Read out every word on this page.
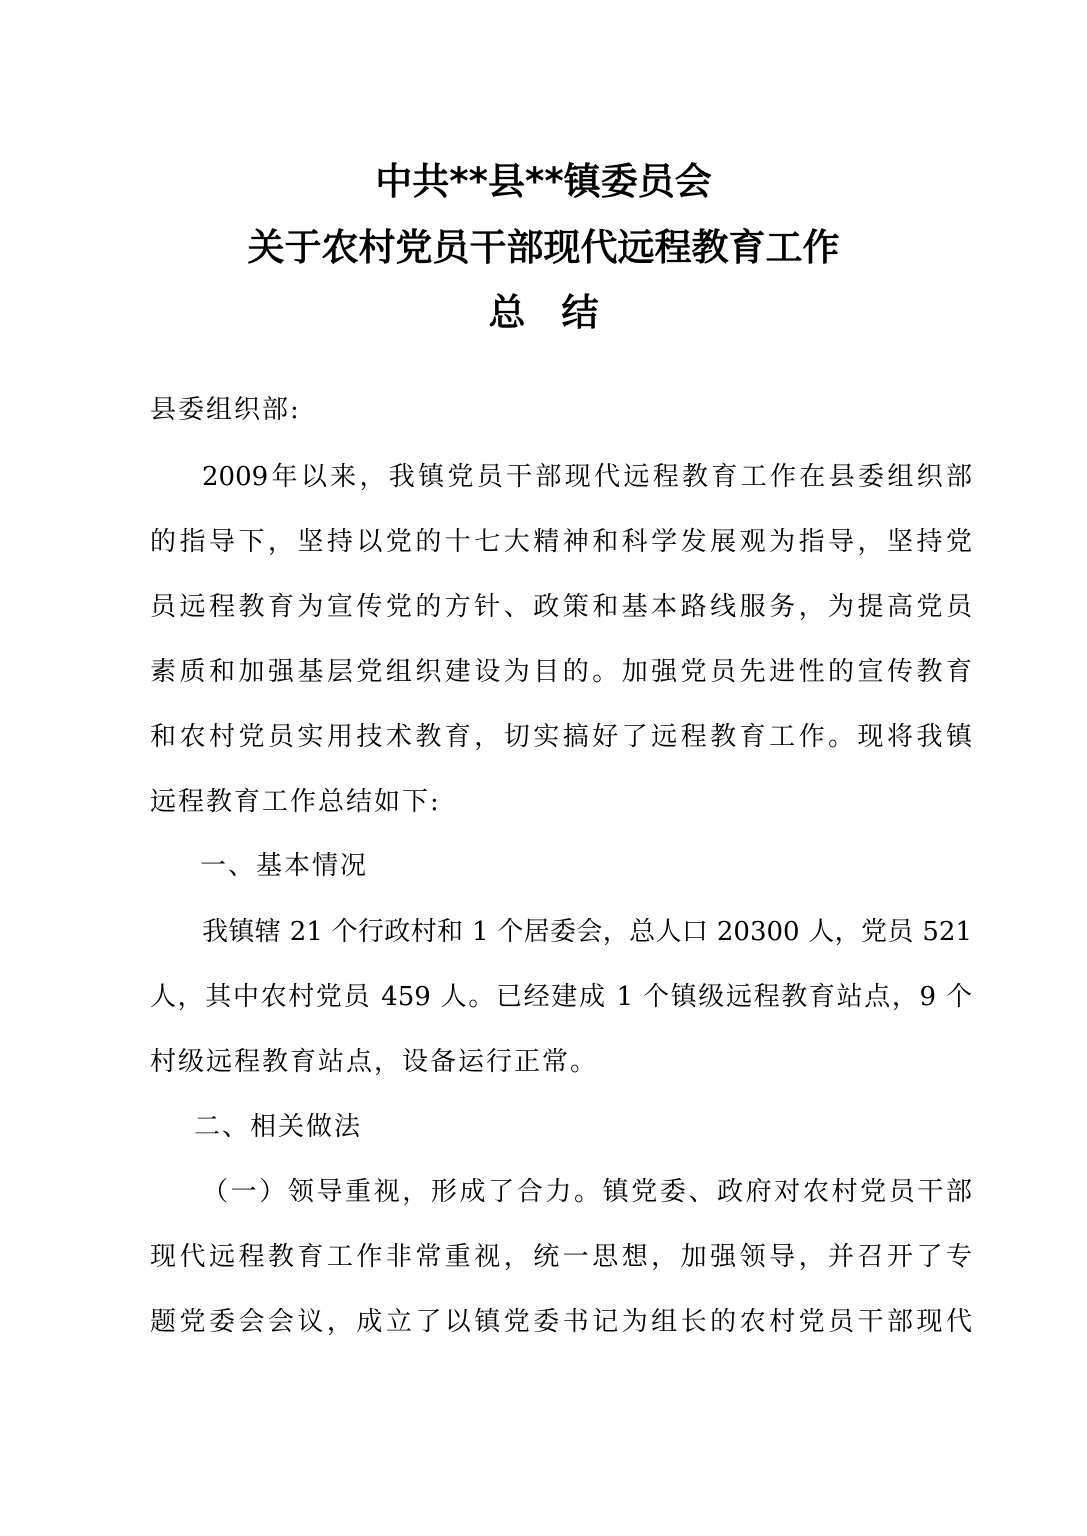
中共**县**镇委员会
关于农村党员干部现代远程教育工作
总结
县委组织部:
2009年以来，我镇党员干部现代远程教育工作在县委组织部
的指导下，坚持以党的十七大精神和科学发展观为指导，坚持党
员远程教育为宣传党的方针、政策和基本路线服务，为提高党员
素质和加强基层党组织建设为目的。加强党员先进性的宣传教育
和农村党员实用技术教育，切实搞好了远程教育工作。现将我镇
远程教育工作总结如下:
一、基本情况
我镇辖 21 个行政村和 1 个居委会，总人口 20300 人，党员 521
人，其中农村党员 459 人。已经建成 1 个镇级远程教育站点，9 个
村级远程教育站点，设备运行正常。
二、相关做法
（一）领导重视，形成了合力。镇党委、政府对农村党员干部
现代远程教育工作非常重视，统一思想，加强领导，并召开了专
题党委会会议，成立了以镇党委书记为组长的农村党员干部现代
